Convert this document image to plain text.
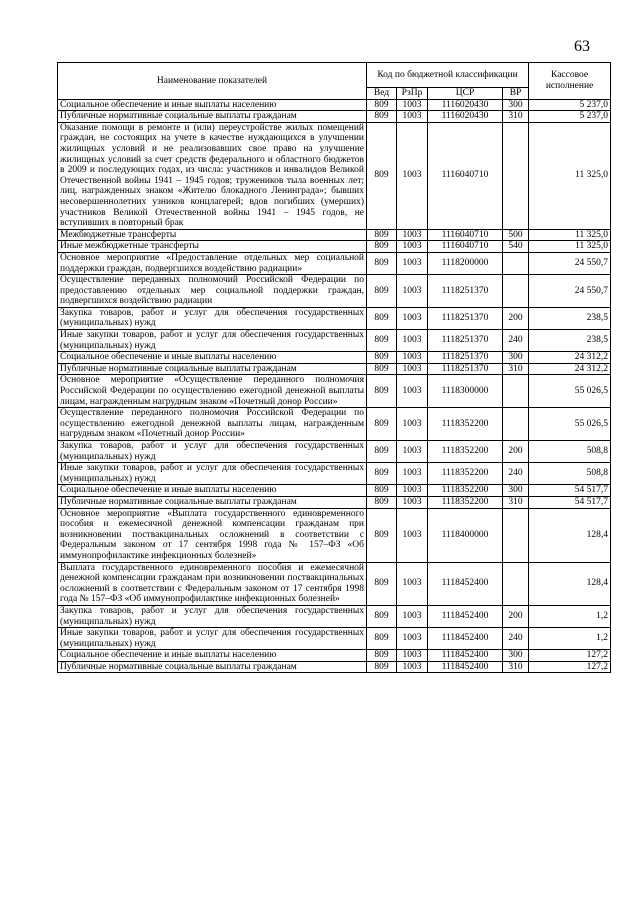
63
Наименование показателей	Код по бюджетной классификации				Кассовое исполнение
	Вед	РзПр	ЦСР	ВР	
Социальное обеспечение и иные выплаты населению	809	1003	1116020430	300	5 237,0
Публичные нормативные социальные выплаты гражданам	809	1003	1116020430	310	5 237,0
Оказание помощи в ремонте и (или) переустройстве жилых помещений граждан, не состоящих на учете в качестве нуждающихся в улучшении жилищных условий и не реализовавших свое право на улучшение жилищных условий за счет средств федерального и областного бюджетов в 2009 и последующих годах, из числа: участников и инвалидов Великой Отечественной войны 1941 – 1945 годов; тружеников тыла военных лет; лиц, награжденных знаком «Жителю блокадного Ленинграда»; бывших несовершеннолетних узников концлагерей; вдов погибших (умерших) участников Великой Отечественной войны 1941 – 1945 годов, не вступивших в повторный брак	809	1003	1116040710		11 325,0
Межбюджетные трансферты	809	1003	1116040710	500	11 325,0
Иные межбюджетные трансферты	809	1003	1116040710	540	11 325,0
Основное мероприятие «Предоставление отдельных мер социальной поддержки граждан, подвергшихся воздействию радиации»	809	1003	1118200000		24 550,7
Осуществление переданных полномочий Российской Федерации по предоставлению отдельных мер социальной поддержки граждан, подвергшихся воздействию радиации	809	1003	1118251370		24 550,7
Закупка товаров, работ и услуг для обеспечения государственных (муниципальных) нужд	809	1003	1118251370	200	238,5
Иные закупки товаров, работ и услуг для обеспечения государственных (муниципальных) нужд	809	1003	1118251370	240	238,5
Социальное обеспечение и иные выплаты населению	809	1003	1118251370	300	24 312,2
Публичные нормативные социальные выплаты гражданам	809	1003	1118251370	310	24 312,2
Основное мероприятие «Осуществление переданного полномочия Российской Федерации по осуществлению ежегодной денежной выплаты лицам, награжденным нагрудным знаком «Почетный донор России»	809	1003	1118300000		55 026,5
Осуществление переданного полномочия Российской Федерации по осуществлению ежегодной денежной выплаты лицам, награжденным нагрудным знаком «Почетный донор России»	809	1003	1118352200		55 026,5
Закупка товаров, работ и услуг для обеспечения государственных (муниципальных) нужд	809	1003	1118352200	200	508,8
Иные закупки товаров, работ и услуг для обеспечения государственных (муниципальных) нужд	809	1003	1118352200	240	508,8
Социальное обеспечение и иные выплаты населению	809	1003	1118352200	300	54 517,7
Публичные нормативные социальные выплаты гражданам	809	1003	1118352200	310	54 517,7
Основное мероприятие «Выплата государственного единовременного пособия и ежемесячной денежной компенсации гражданам при возникновении поствакцинальных осложнений в соответствии с Федеральным законом от 17 сентября 1998 года № 157–ФЗ «Об иммунопрофилактике инфекционных болезней»	809	1003	1118400000		128,4
Выплата государственного единовременного пособия и ежемесячной денежной компенсации гражданам при возникновении поствакцинальных осложнений в соответствии с Федеральным законом от 17 сентября 1998 года № 157–ФЗ «Об иммунопрофилактике инфекционных болезней»	809	1003	1118452400		128,4
Закупка товаров, работ и услуг для обеспечения государственных (муниципальных) нужд	809	1003	1118452400	200	1,2
Иные закупки товаров, работ и услуг для обеспечения государственных (муниципальных) нужд	809	1003	1118452400	240	1,2
Социальное обеспечение и иные выплаты населению	809	1003	1118452400	300	127,2
Публичные нормативные социальные выплаты гражданам	809	1003	1118452400	310	127,2
